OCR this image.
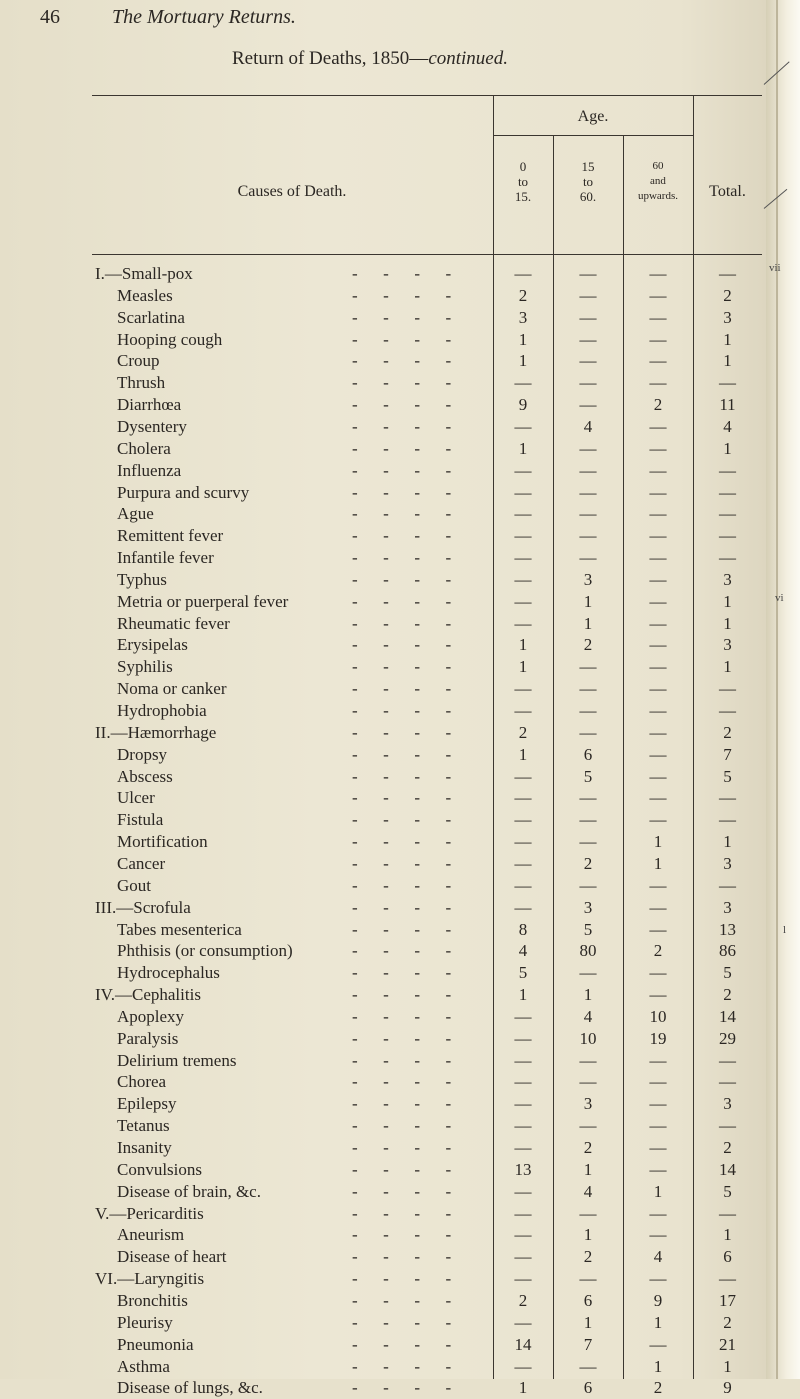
46	The Mortuary Returns.
Return of Deaths, 1850—continued.
vii
vi
l
Causes of Death.
Age.
0
to
15.
15
to
60.
60
and
upwards.	Total.
I.—Small-pox	-      -      -      -	—	—	—	—
Measles	-      -      -      -	2	—	—	2
Scarlatina	-      -      -      -	3	—	—	3
Hooping cough	-      -      -      -	1	—	—	1
Croup	-      -      -      -	1	—	—	1
Thrush	-      -      -      -	—	—	—	—
Diarrhœa	-      -      -      -	9	—	2	11
Dysentery	-      -      -      -	—	4	—	4
Cholera	-      -      -      -	1	—	—	1
Influenza	-      -      -      -	—	—	—	—
Purpura and scurvy	-      -      -      -	—	—	—	—
Ague	-      -      -      -	—	—	—	—
Remittent fever	-      -      -      -	—	—	—	—
Infantile fever	-      -      -      -	—	—	—	—
Typhus	-      -      -      -	—	3	—	3
Metria or puerperal fever	-      -      -      -	—	1	—	1
Rheumatic fever	-      -      -      -	—	1	—	1
Erysipelas	-      -      -      -	1	2	—	3
Syphilis	-      -      -      -	1	—	—	1
Noma or canker	-      -      -      -	—	—	—	—
Hydrophobia	-      -      -      -	—	—	—	—
II.—Hæmorrhage	-      -      -      -	2	—	—	2
Dropsy	-      -      -      -	1	6	—	7
Abscess	-      -      -      -	—	5	—	5
Ulcer	-      -      -      -	—	—	—	—
Fistula	-      -      -      -	—	—	—	—
Mortification	-      -      -      -	—	—	1	1
Cancer	-      -      -      -	—	2	1	3
Gout	-      -      -      -	—	—	—	—
III.—Scrofula	-      -      -      -	—	3	—	3
Tabes mesenterica	-      -      -      -	8	5	—	13
Phthisis (or consumption)	-      -      -      -	4	80	2	86
Hydrocephalus	-      -      -      -	5	—	—	5
IV.—Cephalitis	-      -      -      -	1	1	—	2
Apoplexy	-      -      -      -	—	4	10	14
Paralysis	-      -      -      -	—	10	19	29
Delirium tremens	-      -      -      -	—	—	—	—
Chorea	-      -      -      -	—	—	—	—
Epilepsy	-      -      -      -	—	3	—	3
Tetanus	-      -      -      -	—	—	—	—
Insanity	-      -      -      -	—	2	—	2
Convulsions	-      -      -      -	13	1	—	14
Disease of brain, &c.	-      -      -      -	—	4	1	5
V.—Pericarditis	-      -      -      -	—	—	—	—
Aneurism	-      -      -      -	—	1	—	1
Disease of heart	-      -      -      -	—	2	4	6
VI.—Laryngitis	-      -      -      -	—	—	—	—
Bronchitis	-      -      -      -	2	6	9	17
Pleurisy	-      -      -      -	—	1	1	2
Pneumonia	-      -      -      -	14	7	—	21
Asthma	-      -      -      -	—	—	1	1
Disease of lungs, &c.	-      -      -      -	1	6	2	9
